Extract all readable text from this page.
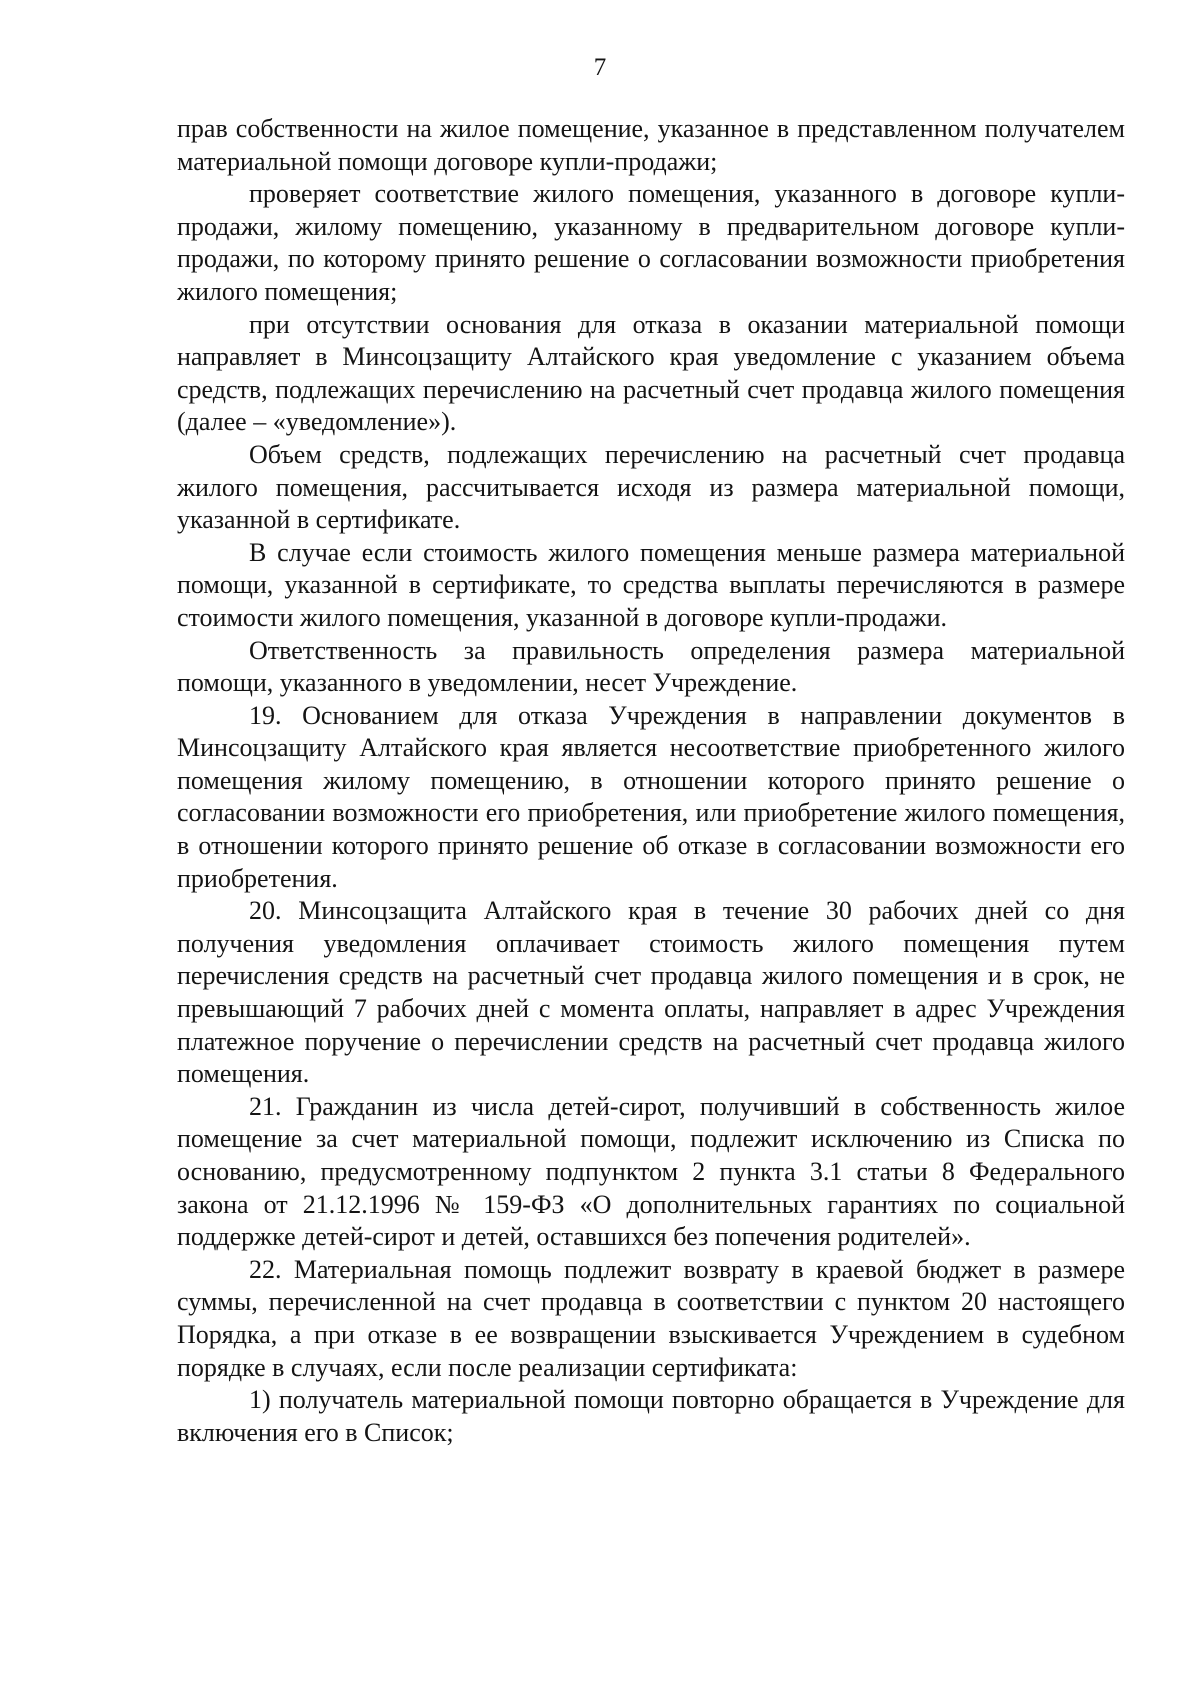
7

прав собственности на жилое помещение, указанное в представленном получателем материальной помощи договоре купли-продажи;

проверяет соответствие жилого помещения, указанного в договоре купли-продажи, жилому помещению, указанному в предварительном договоре купли-продажи, по которому принято решение о согласовании возможности приобретения жилого помещения;

при отсутствии основания для отказа в оказании материальной помощи направляет в Минсоцзащиту Алтайского края уведомление с указанием объема средств, подлежащих перечислению на расчетный счет продавца жилого помещения (далее – «уведомление»).

Объем средств, подлежащих перечислению на расчетный счет продавца жилого помещения, рассчитывается исходя из размера материальной помощи, указанной в сертификате.

В случае если стоимость жилого помещения меньше размера материальной помощи, указанной в сертификате, то средства выплаты перечисляются в размере стоимости жилого помещения, указанной в договоре купли-продажи.

Ответственность за правильность определения размера материальной помощи, указанного в уведомлении, несет Учреждение.

19. Основанием для отказа Учреждения в направлении документов в Минсоцзащиту Алтайского края является несоответствие приобретенного жилого помещения жилому помещению, в отношении которого принято решение о согласовании возможности его приобретения, или приобретение жилого помещения, в отношении которого принято решение об отказе в согласовании возможности его приобретения.

20. Минсоцзащита Алтайского края в течение 30 рабочих дней со дня получения уведомления оплачивает стоимость жилого помещения путем перечисления средств на расчетный счет продавца жилого помещения и в срок, не превышающий 7 рабочих дней с момента оплаты, направляет в адрес Учреждения платежное поручение о перечислении средств на расчетный счет продавца жилого помещения.

21. Гражданин из числа детей-сирот, получивший в собственность жилое помещение за счет материальной помощи, подлежит исключению из Списка по основанию, предусмотренному подпунктом 2 пункта 3.1 статьи 8 Федерального закона от 21.12.1996 № 159-ФЗ «О дополнительных гарантиях по социальной поддержке детей-сирот и детей, оставшихся без попечения родителей».

22. Материальная помощь подлежит возврату в краевой бюджет в размере суммы, перечисленной на счет продавца в соответствии с пунктом 20 настоящего Порядка, а при отказе в ее возвращении взыскивается Учреждением в судебном порядке в случаях, если после реализации сертификата:

1) получатель материальной помощи повторно обращается в Учреждение для включения его в Список;
